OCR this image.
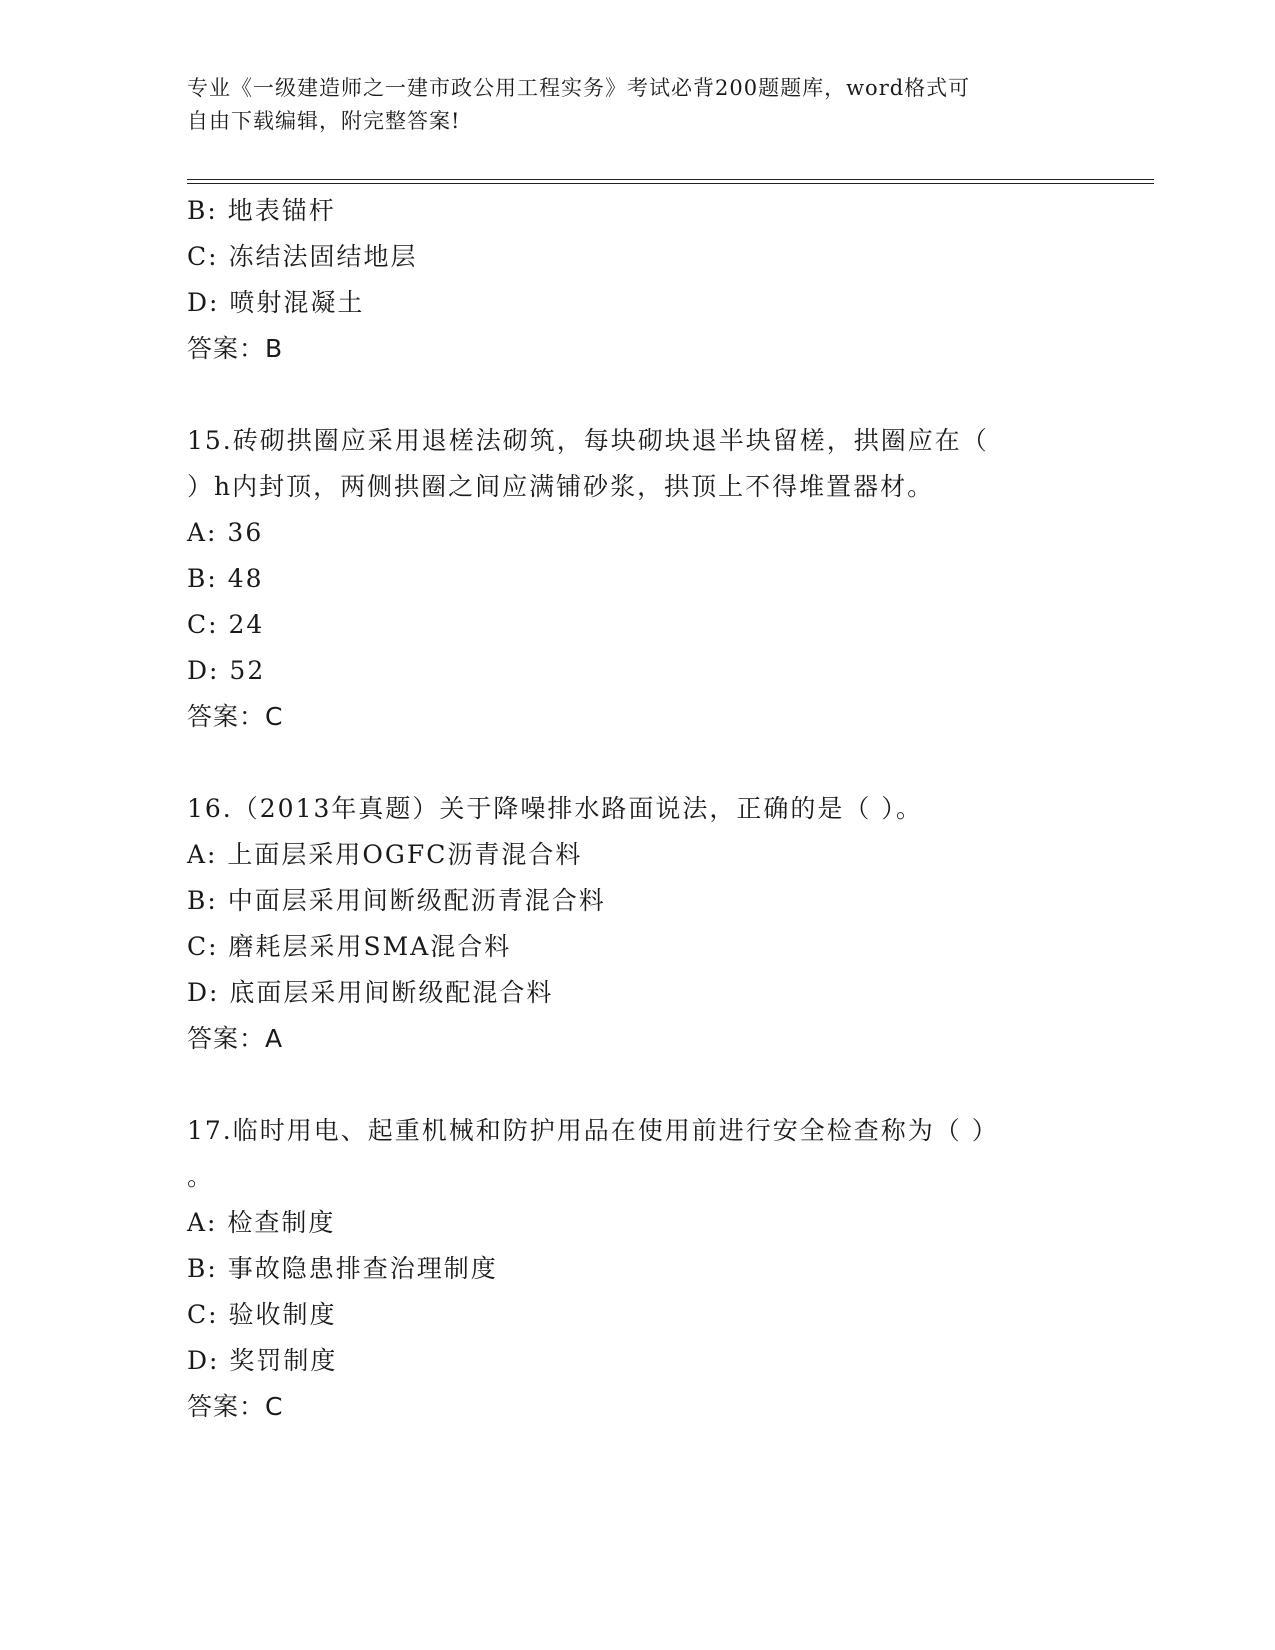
专业《一级建造师之一建市政公用工程实务》考试必背200题题库，word格式可
自由下载编辑，附完整答案!
B: 地表锚杆
C: 冻结法固结地层
D: 喷射混凝土
答案：B
15.砖砌拱圈应采用退槎法砌筑，每块砌块退半块留槎，拱圈应在（
）h内封顶，两侧拱圈之间应满铺砂浆，拱顶上不得堆置器材。
A: 36
B: 48
C: 24
D: 52
答案：C
16.（2013年真题）关于降噪排水路面说法，正确的是（ ）。
A: 上面层采用OGFC沥青混合料
B: 中面层采用间断级配沥青混合料
C: 磨耗层采用SMA混合料
D: 底面层采用间断级配混合料
答案：A
17.临时用电、起重机械和防护用品在使用前进行安全检查称为（ ）
。
A: 检查制度
B: 事故隐患排查治理制度
C: 验收制度
D: 奖罚制度
答案：C
